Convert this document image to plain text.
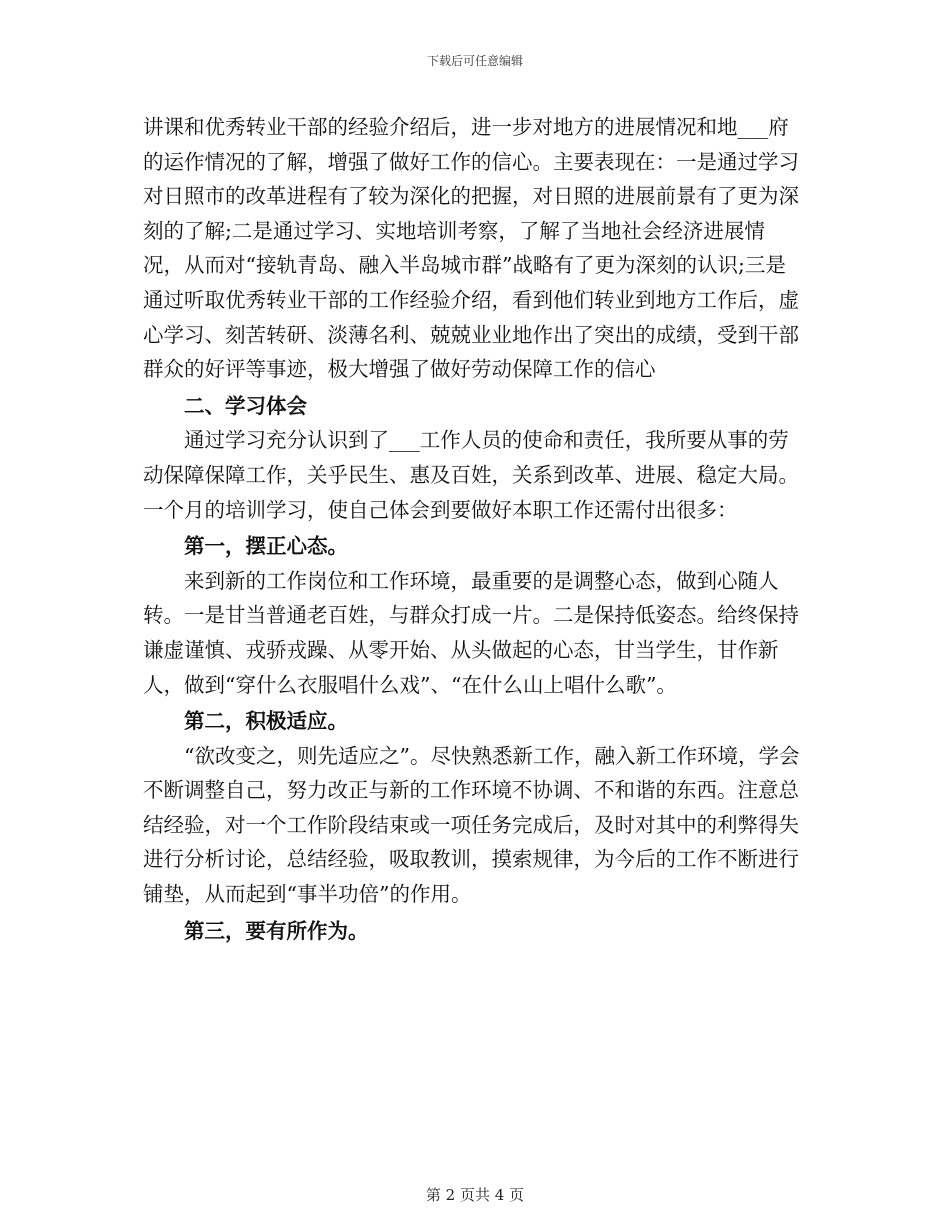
下载后可任意编辑

讲课和优秀转业干部的经验介绍后，进一步对地方的进展情况和地___府的运作情况的了解，增强了做好工作的信心。主要表现在：一是通过学习对日照市的改革进程有了较为深化的把握，对日照的进展前景有了更为深刻的了解;二是通过学习、实地培训考察，了解了当地社会经济进展情况，从而对“接轨青岛、融入半岛城市群”战略有了更为深刻的认识;三是通过听取优秀转业干部的工作经验介绍，看到他们转业到地方工作后，虚心学习、刻苦转研、淡薄名利、兢兢业业地作出了突出的成绩，受到干部群众的好评等事迹，极大增强了做好劳动保障工作的信心

二、学习体会

通过学习充分认识到了___工作人员的使命和责任，我所要从事的劳动保障保障工作，关乎民生、惠及百姓，关系到改革、进展、稳定大局。一个月的培训学习，使自己体会到要做好本职工作还需付出很多：

第一，摆正心态。

来到新的工作岗位和工作环境，最重要的是调整心态，做到心随人转。一是甘当普通老百姓，与群众打成一片。二是保持低姿态。给终保持谦虚谨慎、戎骄戎躁、从零开始、从头做起的心态，甘当学生，甘作新人，做到“穿什么衣服唱什么戏”、“在什么山上唱什么歌”。

第二，积极适应。

“欲改变之，则先适应之”。尽快熟悉新工作，融入新工作环境，学会不断调整自己，努力改正与新的工作环境不协调、不和谐的东西。注意总结经验，对一个工作阶段结束或一项任务完成后，及时对其中的利弊得失进行分析讨论，总结经验，吸取教训，摸索规律，为今后的工作不断进行铺垫，从而起到“事半功倍”的作用。

第三，要有所作为。

第 2 页共 4 页
